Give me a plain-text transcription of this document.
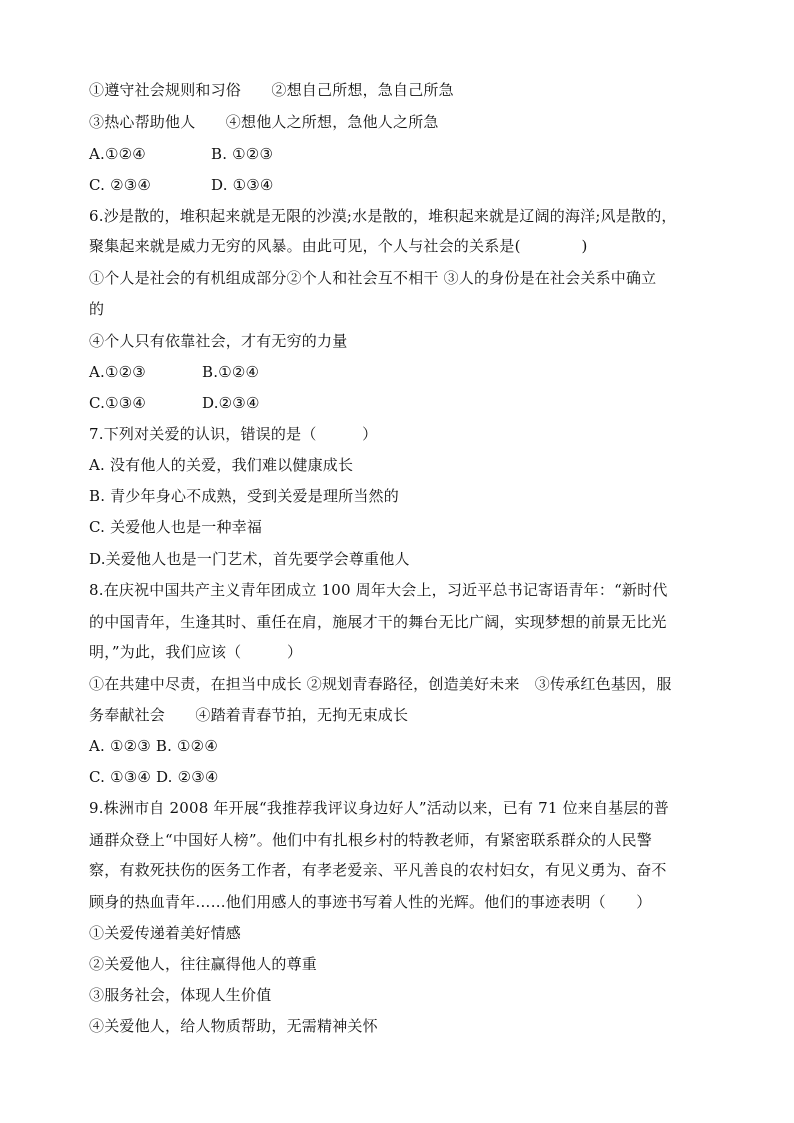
①遵守社会规则和习俗　　②想自己所想，急自己所急
③热心帮助他人　　④想他人之所想，急他人之所急
A.①②④	B. ①②③
C. ②③④	D. ①③④
6.沙是散的，堆积起来就是无限的沙漠;水是散的，堆积起来就是辽阔的海洋;风是散的，
聚集起来就是威力无穷的风暴。由此可见，个人与社会的关系是(　　　　)
①个人是社会的有机组成部分②个人和社会互不相干 ③人的身份是在社会关系中确立
的
④个人只有依靠社会，才有无穷的力量
A.①②③	B.①②④
C.①③④	D.②③④
7.下列对关爱的认识，错误的是（　　　）
A. 没有他人的关爱，我们难以健康成长
B. 青少年身心不成熟，受到关爱是理所当然的
C. 关爱他人也是一种幸福
D.关爱他人也是一门艺术，首先要学会尊重他人
8.在庆祝中国共产主义青年团成立 100 周年大会上，习近平总书记寄语青年：“新时代
的中国青年，生逢其时、重任在肩，施展才干的舞台无比广阔，实现梦想的前景无比光
明，”为此，我们应该（　　　）
①在共建中尽责，在担当中成长 ②规划青春路径，创造美好未来　③传承红色基因，服
务奉献社会　　④踏着青春节拍，无拘无束成长
A. ①②③ B. ①②④
C. ①③④ D. ②③④
9.株洲市自 2008 年开展“我推荐我评议身边好人”活动以来，已有 71 位来自基层的普
通群众登上“中国好人榜”。他们中有扎根乡村的特教老师，有紧密联系群众的人民警
察，有救死扶伤的医务工作者，有孝老爱亲、平凡善良的农村妇女，有见义勇为、奋不
顾身的热血青年……他们用感人的事迹书写着人性的光辉。他们的事迹表明（　　）
①关爱传递着美好情感
②关爱他人，往往赢得他人的尊重
③服务社会，体现人生价值
④关爱他人，给人物质帮助，无需精神关怀
